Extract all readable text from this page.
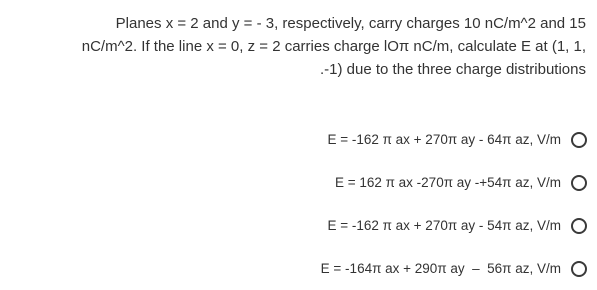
Planes x = 2 and y = - 3, respectively, carry charges 10 nC/m^2 and 15
nC/m^2. If the line x = 0, z = 2 carries charge lOπ nC/m, calculate E at (1, 1,
.-1) due to the three charge distributions
E = -162 π ax + 270π ay - 64π az, V/m
E = 162 π ax -270π ay -+54π az, V/m
E = -162 π ax + 270π ay - 54π az, V/m
E = -164π ax + 290π ay  –  56π az, V/m
